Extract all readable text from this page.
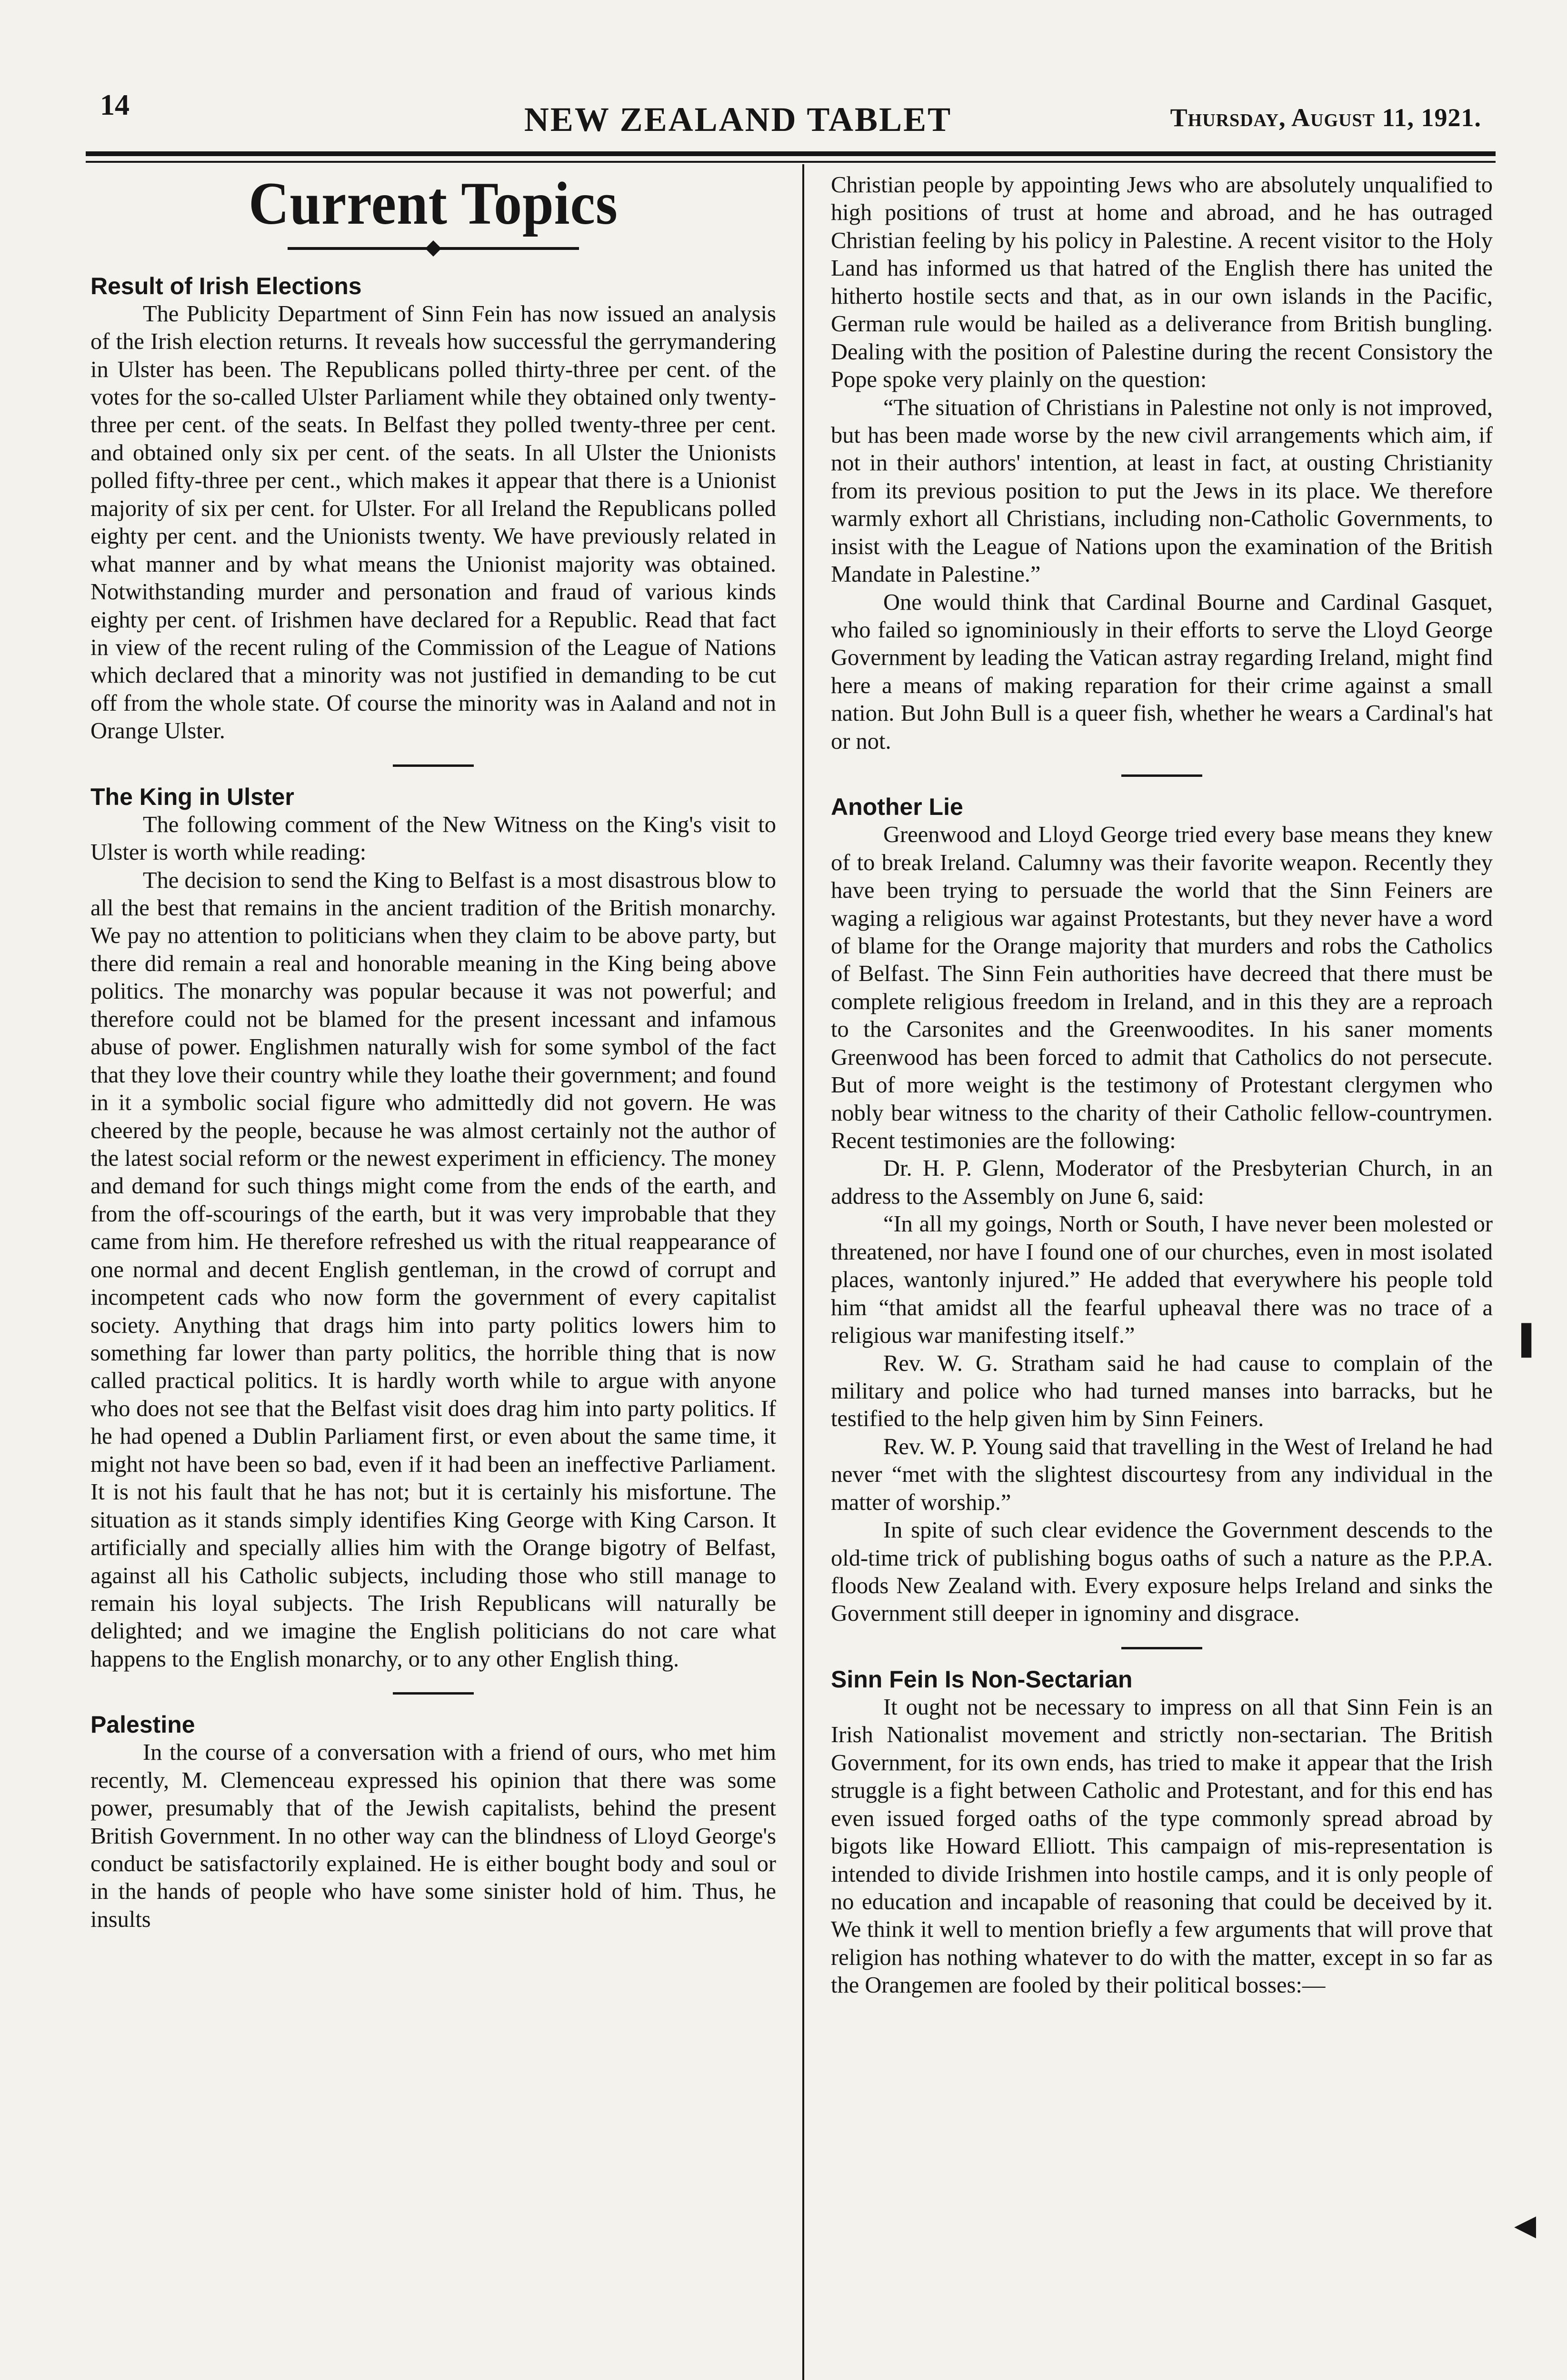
14	NEW ZEALAND TABLET	Thursday, August 11, 1921.
Current Topics
Result of Irish Elections

The Publicity Department of Sinn Fein has now issued an analysis of the Irish election returns. It reveals how successful the gerrymandering in Ulster has been. The Republicans polled thirty-three per cent. of the votes for the so-called Ulster Parliament while they obtained only twenty-three per cent. of the seats. In Belfast they polled twenty-three per cent. and obtained only six per cent. of the seats. In all Ulster the Unionists polled fifty-three per cent., which makes it appear that there is a Unionist majority of six per cent. for Ulster. For all Ireland the Republicans polled eighty per cent. and the Unionists twenty. We have previously related in what manner and by what means the Unionist majority was obtained. Notwithstanding murder and personation and fraud of various kinds eighty per cent. of Irishmen have declared for a Republic. Read that fact in view of the recent ruling of the Commission of the League of Nations which declared that a minority was not justified in demanding to be cut off from the whole state. Of course the minority was in Aaland and not in Orange Ulster.

The King in Ulster

The following comment of the New Witness on the King's visit to Ulster is worth while reading:

The decision to send the King to Belfast is a most disastrous blow to all the best that remains in the ancient tradition of the British monarchy. We pay no attention to politicians when they claim to be above party, but there did remain a real and honorable meaning in the King being above politics. The monarchy was popular because it was not powerful; and therefore could not be blamed for the present incessant and infamous abuse of power. Englishmen naturally wish for some symbol of the fact that they love their country while they loathe their government; and found in it a symbolic social figure who admittedly did not govern. He was cheered by the people, because he was almost certainly not the author of the latest social reform or the newest experiment in efficiency. The money and demand for such things might come from the ends of the earth, and from the off-scourings of the earth, but it was very improbable that they came from him. He therefore refreshed us with the ritual reappearance of one normal and decent English gentleman, in the crowd of corrupt and incompetent cads who now form the government of every capitalist society. Anything that drags him into party politics lowers him to something far lower than party politics, the horrible thing that is now called practical politics. It is hardly worth while to argue with anyone who does not see that the Belfast visit does drag him into party politics. If he had opened a Dublin Parliament first, or even about the same time, it might not have been so bad, even if it had been an ineffective Parliament. It is not his fault that he has not; but it is certainly his misfortune. The situation as it stands simply identifies King George with King Carson. It artificially and specially allies him with the Orange bigotry of Belfast, against all his Catholic subjects, including those who still manage to remain his loyal subjects. The Irish Republicans will naturally be delighted; and we imagine the English politicians do not care what happens to the English monarchy, or to any other English thing.

Palestine

In the course of a conversation with a friend of ours, who met him recently, M. Clemenceau expressed his opinion that there was some power, presumably that of the Jewish capitalists, behind the present British Government. In no other way can the blindness of Lloyd George's conduct be satisfactorily explained. He is either bought body and soul or in the hands of people who have some sinister hold of him. Thus, he insults

Christian people by appointing Jews who are absolutely unqualified to high positions of trust at home and abroad, and he has outraged Christian feeling by his policy in Palestine. A recent visitor to the Holy Land has informed us that hatred of the English there has united the hitherto hostile sects and that, as in our own islands in the Pacific, German rule would be hailed as a deliverance from British bungling. Dealing with the position of Palestine during the recent Consistory the Pope spoke very plainly on the question:

“The situation of Christians in Palestine not only is not improved, but has been made worse by the new civil arrangements which aim, if not in their authors' intention, at least in fact, at ousting Christianity from its previous position to put the Jews in its place. We therefore warmly exhort all Christians, including non-Catholic Governments, to insist with the League of Nations upon the examination of the British Mandate in Palestine.”

One would think that Cardinal Bourne and Cardinal Gasquet, who failed so ignominiously in their efforts to serve the Lloyd George Government by leading the Vatican astray regarding Ireland, might find here a means of making reparation for their crime against a small nation. But John Bull is a queer fish, whether he wears a Cardinal's hat or not.

Another Lie

Greenwood and Lloyd George tried every base means they knew of to break Ireland. Calumny was their favorite weapon. Recently they have been trying to persuade the world that the Sinn Feiners are waging a religious war against Protestants, but they never have a word of blame for the Orange majority that murders and robs the Catholics of Belfast. The Sinn Fein authorities have decreed that there must be complete religious freedom in Ireland, and in this they are a reproach to the Carsonites and the Greenwoodites. In his saner moments Greenwood has been forced to admit that Catholics do not persecute. But of more weight is the testimony of Protestant clergymen who nobly bear witness to the charity of their Catholic fellow-countrymen. Recent testimonies are the following:

Dr. H. P. Glenn, Moderator of the Presbyterian Church, in an address to the Assembly on June 6, said:

“In all my goings, North or South, I have never been molested or threatened, nor have I found one of our churches, even in most isolated places, wantonly injured.” He added that everywhere his people told him “that amidst all the fearful upheaval there was no trace of a religious war manifesting itself.”

Rev. W. G. Stratham said he had cause to complain of the military and police who had turned manses into barracks, but he testified to the help given him by Sinn Feiners.

Rev. W. P. Young said that travelling in the West of Ireland he had never “met with the slightest discourtesy from any individual in the matter of worship.”

In spite of such clear evidence the Government descends to the old-time trick of publishing bogus oaths of such a nature as the P.P.A. floods New Zealand with. Every exposure helps Ireland and sinks the Government still deeper in ignominy and disgrace.

Sinn Fein Is Non-Sectarian

It ought not be necessary to impress on all that Sinn Fein is an Irish Nationalist movement and strictly non-sectarian. The British Government, for its own ends, has tried to make it appear that the Irish struggle is a fight between Catholic and Protestant, and for this end has even issued forged oaths of the type commonly spread abroad by bigots like Howard Elliott. This campaign of mis-representation is intended to divide Irishmen into hostile camps, and it is only people of no education and incapable of reasoning that could be deceived by it. We think it well to mention briefly a few arguments that will prove that religion has nothing whatever to do with the matter, except in so far as the Orangemen are fooled by their political bosses:—

▌
◀
